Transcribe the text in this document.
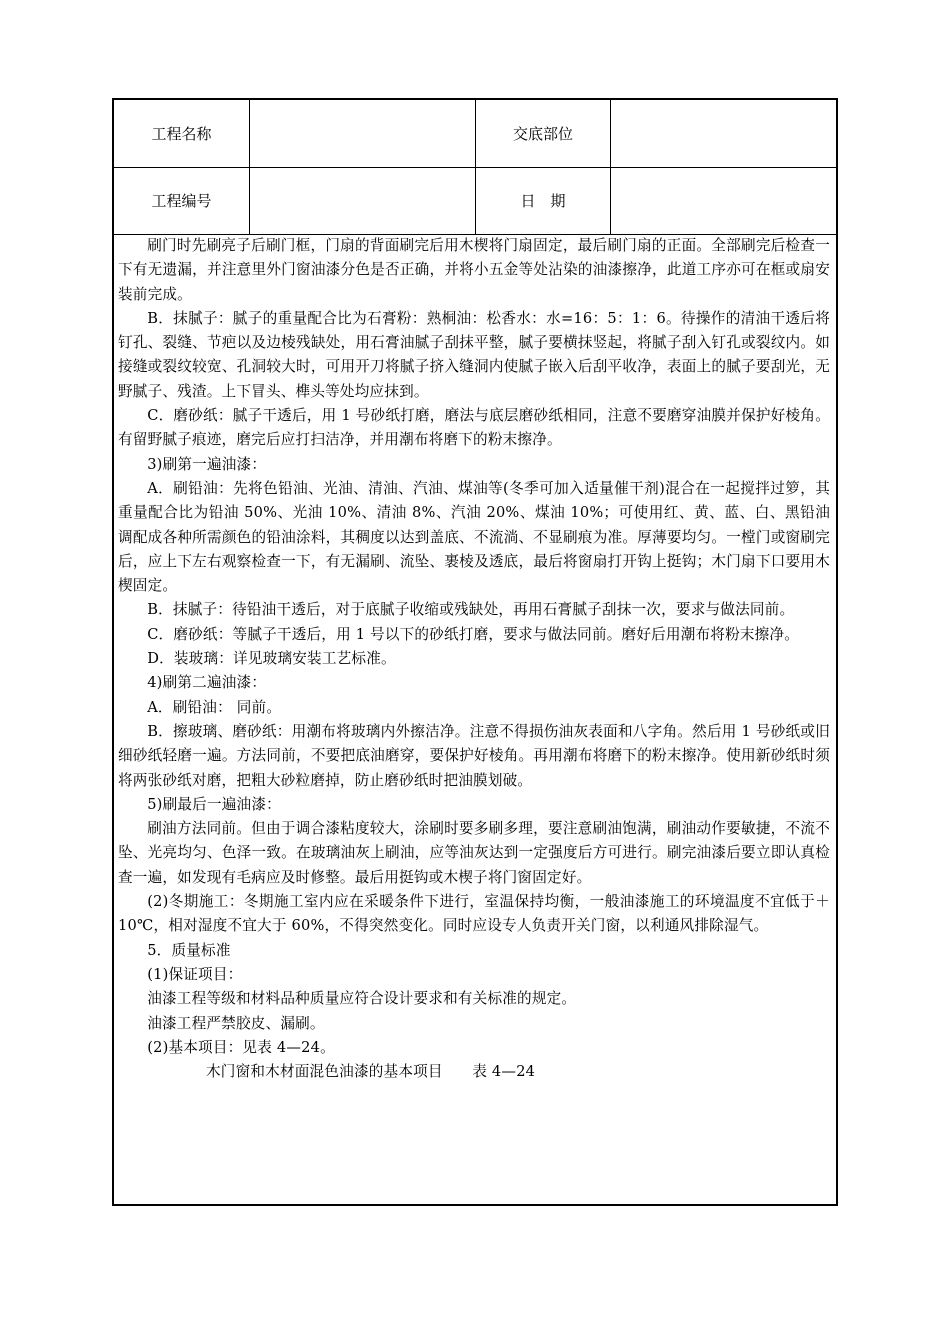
工程名称	交底部位
工程编号	日　期

刷门时先刷亮子后刷门框，门扇的背面刷完后用木楔将门扇固定，最后刷门扇的正面。全部刷完后检查一下有无遗漏，并注意里外门窗油漆分色是否正确，并将小五金等处沾染的油漆擦净，此道工序亦可在框或扇安装前完成。

B．抹腻子：腻子的重量配合比为石膏粉：熟桐油：松香水：水=16：5：1：6。待操作的清油干透后将钉孔、裂缝、节疤以及边棱残缺处，用石膏油腻子刮抹平整，腻子要横抹竖起，将腻子刮入钉孔或裂纹内。如接缝或裂纹较宽、孔洞较大时，可用开刀将腻子挤入缝洞内使腻子嵌入后刮平收净，表面上的腻子要刮光，无野腻子、残渣。上下冒头、榫头等处均应抹到。

C．磨砂纸：腻子干透后，用 1 号砂纸打磨，磨法与底层磨砂纸相同，注意不要磨穿油膜并保护好棱角。有留野腻子痕迹，磨完后应打扫洁净，并用潮布将磨下的粉末擦净。

3)刷第一遍油漆：

A．刷铅油：先将色铅油、光油、清油、汽油、煤油等(冬季可加入适量催干剂)混合在一起搅拌过箩，其重量配合比为铅油 50%、光油 10%、清油 8%、汽油 20%、煤油 10%；可使用红、黄、蓝、白、黑铅油调配成各种所需颜色的铅油涂料，其稠度以达到盖底、不流淌、不显刷痕为准。厚薄要均匀。一樘门或窗刷完后，应上下左右观察检查一下，有无漏刷、流坠、裹棱及透底，最后将窗扇打开钩上挺钩；木门扇下口要用木楔固定。

B．抹腻子：待铅油干透后，对于底腻子收缩或残缺处，再用石膏腻子刮抹一次，要求与做法同前。

C．磨砂纸：等腻子干透后，用 1 号以下的砂纸打磨，要求与做法同前。磨好后用潮布将粉末擦净。

D．装玻璃：详见玻璃安装工艺标准。

4)刷第二遍油漆：

A．刷铅油： 同前。

B．擦玻璃、磨砂纸：用潮布将玻璃内外擦洁净。注意不得损伤油灰表面和八字角。然后用 1 号砂纸或旧细砂纸轻磨一遍。方法同前，不要把底油磨穿，要保护好棱角。再用潮布将磨下的粉末擦净。使用新砂纸时须将两张砂纸对磨，把粗大砂粒磨掉，防止磨砂纸时把油膜划破。

5)刷最后一遍油漆：

刷油方法同前。但由于调合漆粘度较大，涂刷时要多刷多理，要注意刷油饱满，刷油动作要敏捷，不流不坠、光亮均匀、色泽一致。在玻璃油灰上刷油，应等油灰达到一定强度后方可进行。刷完油漆后要立即认真检查一遍，如发现有毛病应及时修整。最后用挺钩或木楔子将门窗固定好。

(2)冬期施工：冬期施工室内应在采暖条件下进行，室温保持均衡，一般油漆施工的环境温度不宜低于＋10℃，相对湿度不宜大于 60%，不得突然变化。同时应设专人负责开关门窗，以利通风排除湿气。

5．质量标准

(1)保证项目：

油漆工程等级和材料品种质量应符合设计要求和有关标准的规定。

油漆工程严禁胶皮、漏刷。

(2)基本项目：见表 4—24。

木门窗和木材面混色油漆的基本项目　　表 4—24
